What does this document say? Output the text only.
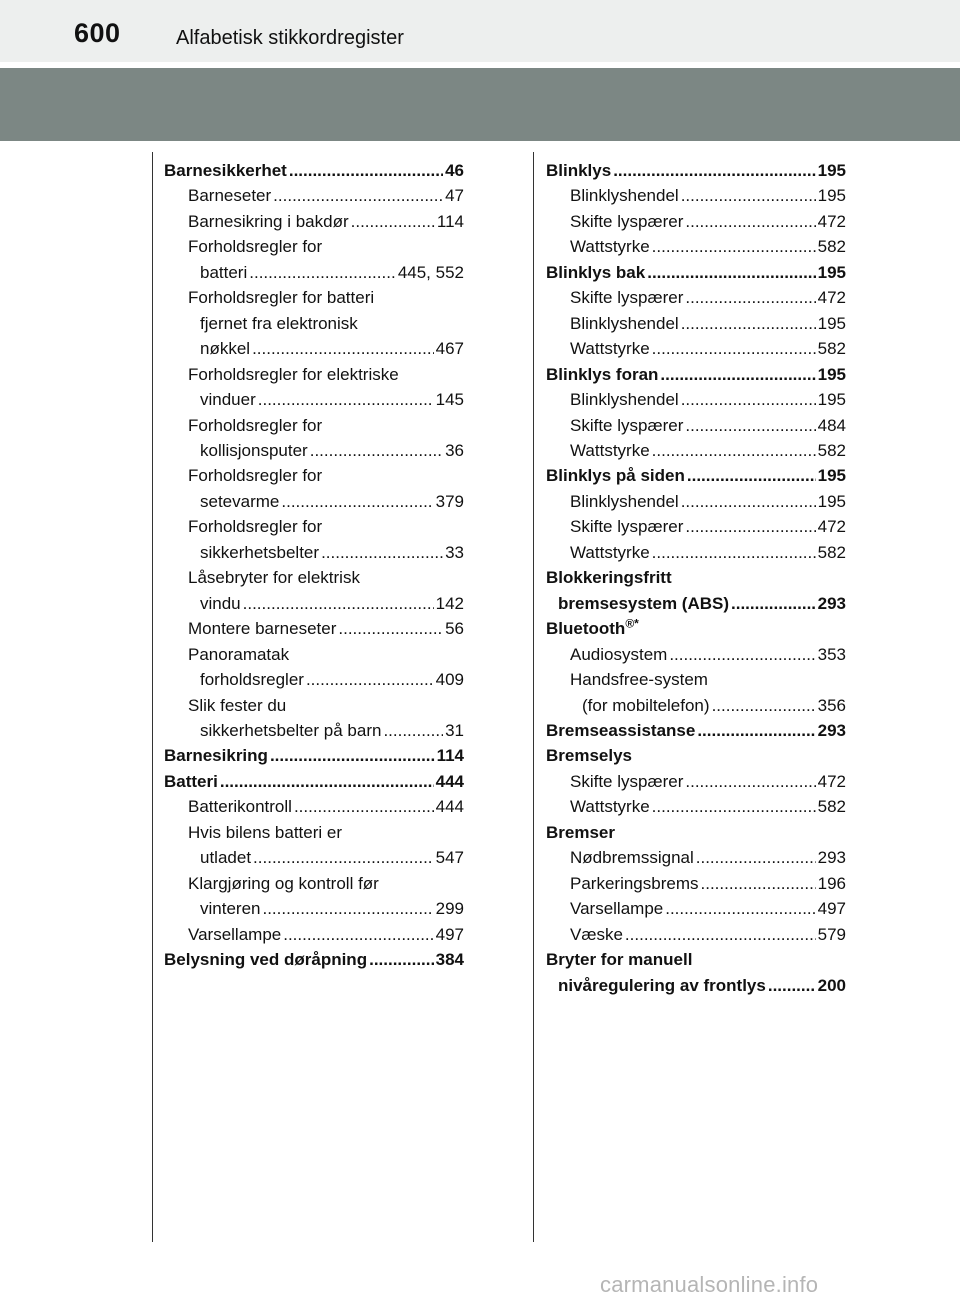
600	Alfabetisk stikkordregister
Barnesikkerhet .....	46
Barneseter .....	47
Barnesikring i bakdør .....	114
Forholdsregler for
batteri .....	445, 552
Forholdsregler for batteri
fjernet fra elektronisk
nøkkel .....	467
Forholdsregler for elektriske
vinduer .....	145
Forholdsregler for
kollisjonsputer .....	36
Forholdsregler for
setevarme .....	379
Forholdsregler for
sikkerhetsbelter .....	33
Låsebryter for elektrisk
vindu .....	142
Montere barneseter .....	56
Panoramatak
forholdsregler .....	409
Slik fester du
sikkerhetsbelter på barn .....	31
Barnesikring .....	114
Batteri .....	444
Batterikontroll .....	444
Hvis bilens batteri er
utladet .....	547
Klargjøring og kontroll før
vinteren .....	299
Varsellampe .....	497
Belysning ved døråpning .....	384
Blinklys .....	195
Blinklyshendel .....	195
Skifte lyspærer .....	472
Wattstyrke .....	582
Blinklys bak .....	195
Skifte lyspærer .....	472
Blinklyshendel .....	195
Wattstyrke .....	582
Blinklys foran .....	195
Blinklyshendel .....	195
Skifte lyspærer .....	484
Wattstyrke .....	582
Blinklys på siden .....	195
Blinklyshendel .....	195
Skifte lyspærer .....	472
Wattstyrke .....	582
Blokkeringsfritt
bremsesystem (ABS) .....	293
Bluetooth®*
Audiosystem .....	353
Handsfree-system
(for mobiltelefon) .....	356
Bremseassistanse .....	293
Bremselys
Skifte lyspærer .....	472
Wattstyrke .....	582
Bremser
Nødbremssignal .....	293
Parkeringsbrems .....	196
Varsellampe .....	497
Væske .....	579
Bryter for manuell
nivåregulering av frontlys .....	200
carmanualsonline.info
